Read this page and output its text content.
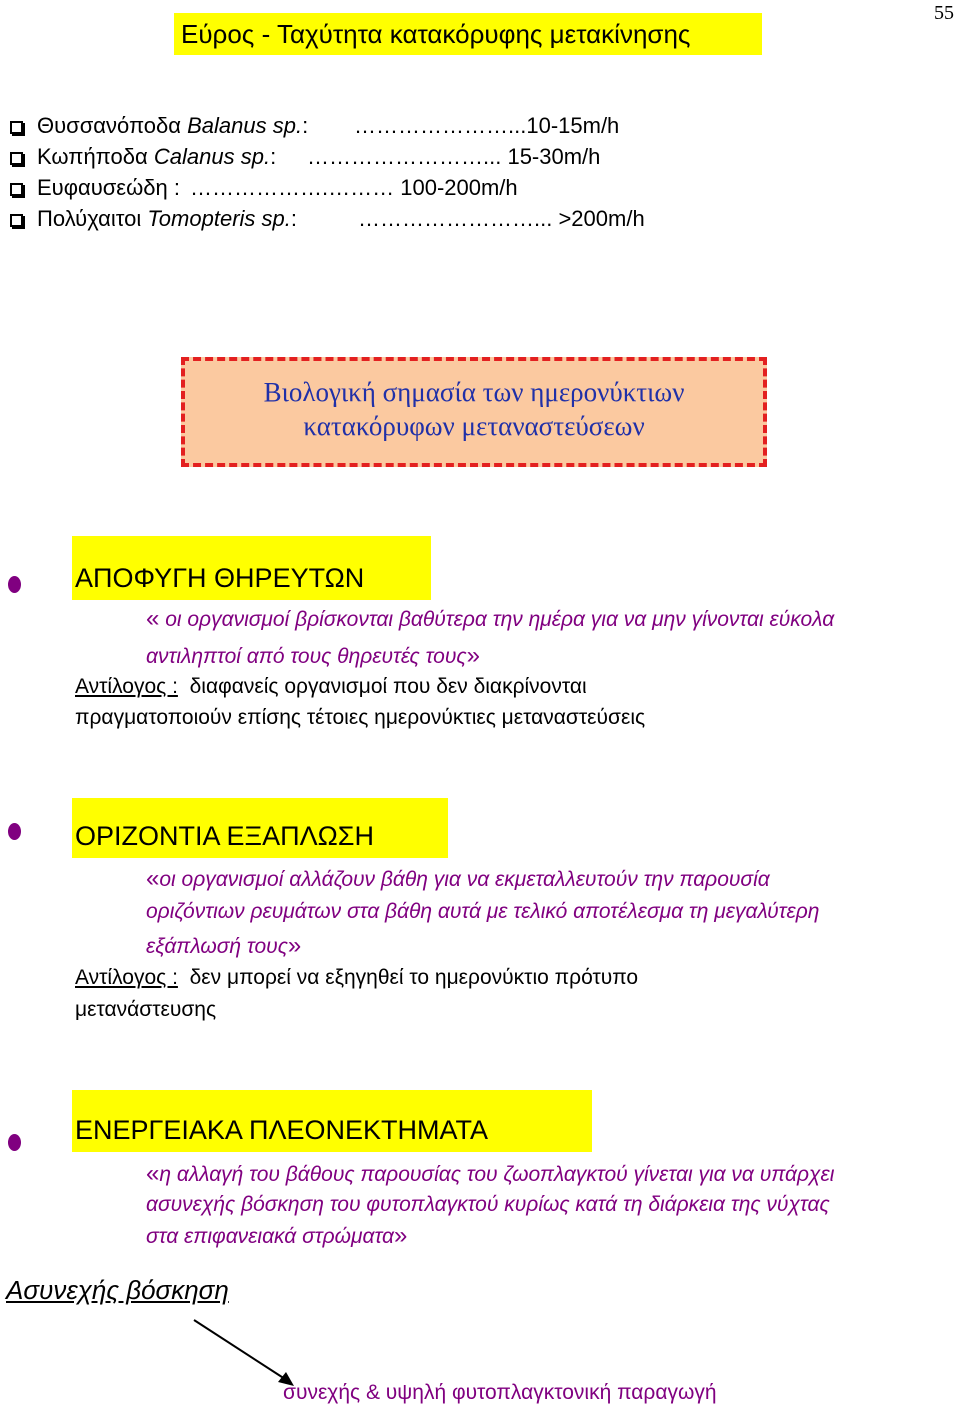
55
Εύρος - Ταχύτητα κατακόρυφης μετακίνησης
Θυσσανόποδα Balanus sp.: …………………...10-15m/h
Κωπήποδα Calanus sp.: ……………………... 15-30m/h
Ευφαυσεώδη : ……………….……… 100-200m/h
Πολύχαιτοι Tomopteris sp.:	……………………... >200m/h
Βιολογική σημασία των ημερονύκτιων
κατακόρυφων μεταναστεύσεων
ΑΠΟΦΥΓΗ ΘΗΡΕΥΤΩΝ
« οι οργανισμοί βρίσκονται βαθύτερα την ημέρα για να μην γίνονται εύκολα
αντιληπτοί από τους θηρευτές τους»
Αντίλογος : διαφανείς οργανισμοί που δεν διακρίνονται
πραγματοποιούν επίσης τέτοιες ημερονύκτιες μεταναστεύσεις
ΟΡΙΖΟΝΤΙΑ ΕΞΑΠΛΩΣΗ
«οι οργανισμοί αλλάζουν βάθη για να εκμεταλλευτούν την παρουσία
οριζόντιων ρευμάτων στα βάθη αυτά με τελικό αποτέλεσμα τη μεγαλύτερη
εξάπλωσή τους»
Αντίλογος : δεν μπορεί να εξηγηθεί το ημερονύκτιο πρότυπο
μετανάστευσης
ΕΝΕΡΓΕΙΑΚΑ ΠΛΕΟΝΕΚΤΗΜΑΤΑ
«η αλλαγή του βάθους παρουσίας του ζωοπλαγκτού γίνεται για να υπάρχει
ασυνεχής βόσκηση του φυτοπλαγκτού κυρίως κατά τη διάρκεια της νύχτας
στα επιφανειακά στρώματα»
Ασυνεχής βόσκηση
συνεχής & υψηλή φυτοπλαγκτονική παραγωγή
